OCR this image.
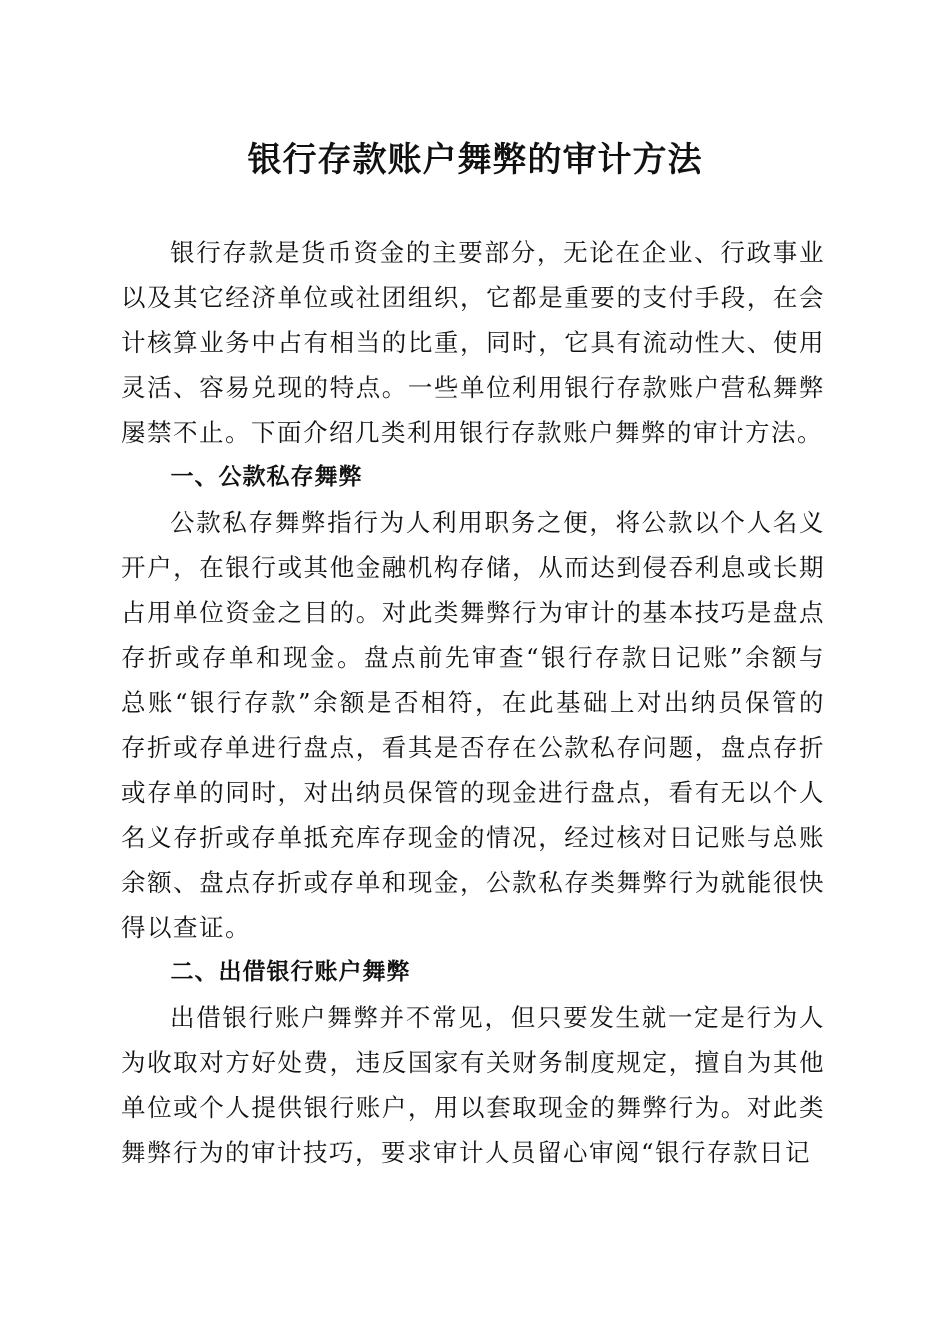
银行存款账户舞弊的审计方法

银行存款是货币资金的主要部分，无论在企业、行政事业以及其它经济单位或社团组织，它都是重要的支付手段，在会计核算业务中占有相当的比重，同时，它具有流动性大、使用灵活、容易兑现的特点。一些单位利用银行存款账户营私舞弊屡禁不止。下面介绍几类利用银行存款账户舞弊的审计方法。

一、公款私存舞弊

公款私存舞弊指行为人利用职务之便，将公款以个人名义开户，在银行或其他金融机构存储，从而达到侵吞利息或长期占用单位资金之目的。对此类舞弊行为审计的基本技巧是盘点存折或存单和现金。盘点前先审查“银行存款日记账”余额与总账“银行存款”余额是否相符，在此基础上对出纳员保管的存折或存单进行盘点，看其是否存在公款私存问题，盘点存折或存单的同时，对出纳员保管的现金进行盘点，看有无以个人名义存折或存单抵充库存现金的情况，经过核对日记账与总账余额、盘点存折或存单和现金，公款私存类舞弊行为就能很快得以查证。

二、出借银行账户舞弊

出借银行账户舞弊并不常见，但只要发生就一定是行为人为收取对方好处费，违反国家有关财务制度规定，擅自为其他单位或个人提供银行账户，用以套取现金的舞弊行为。对此类舞弊行为的审计技巧，要求审计人员留心审阅“银行存款日记
